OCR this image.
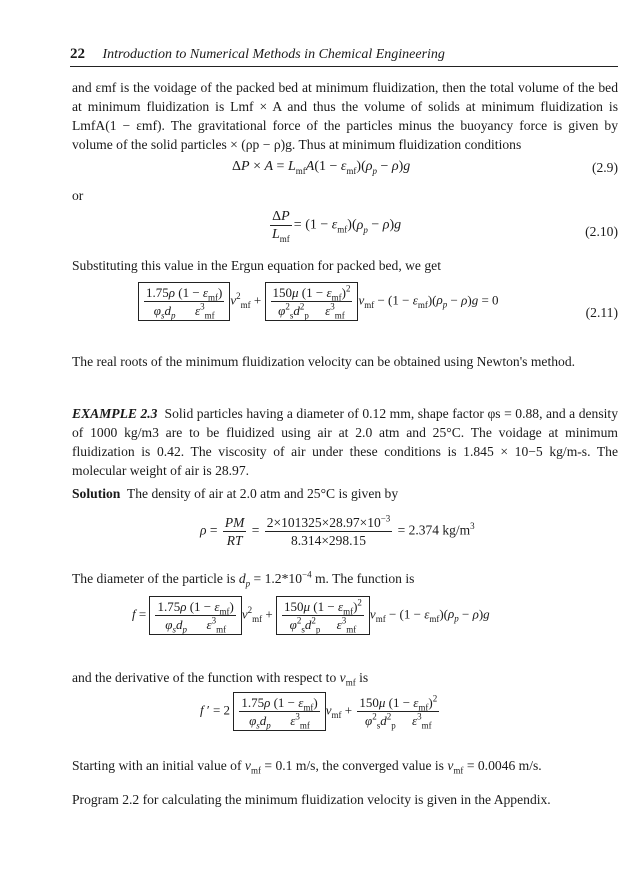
22 Introduction to Numerical Methods in Chemical Engineering
and εmf is the voidage of the packed bed at minimum fluidization, then the total volume of the bed at minimum fluidization is Lmf × A and thus the volume of solids at minimum fluidization is LmfA(1 − εmf). The gravitational force of the particles minus the buoyancy force is given by volume of the solid particles × (ρp − ρ)g. Thus at minimum fluidization conditions
$\Delta P \times A = L_{mf}A(1 - \varepsilon_{mf})(\rho_p - \rho)g$	(2.9)
or
$\frac{\Delta P}{L_{mf}} = (1 - \varepsilon_{mf})(\rho_p - \rho)g$	(2.10)
Substituting this value in the Ergun equation for packed bed, we get
$\frac{1.75\rho (1 - \varepsilon_{mf})}{\varphi_sd_p \varepsilon^3_{mf}} v^2_{mf} + \frac{150\mu (1 - \varepsilon_{mf})^2}{\varphi^2_sd^2_p \varepsilon^3_{mf}} v_{mf} - (1 - \varepsilon_{mf})(\rho_p - \rho)g = 0$
(2.11)
The real roots of the minimum fluidization velocity can be obtained using Newton's method.
EXAMPLE 2.3 Solid particles having a diameter of 0.12 mm, shape factor φs = 0.88, and a density of 1000 kg/m3 are to be fluidized using air at 2.0 atm and 25°C. The voidage at minimum fluidization is 0.42. The viscosity of air under these conditions is 1.845 × 10−5 kg/m-s. The molecular weight of air is 28.97.
Solution The density of air at 2.0 atm and 25°C is given by
$\rho = \frac{PM}{RT} = \frac{2\times 101325\times 28.97\times 10^{-3}}{8.314\times 298.15} = 2.374$ $kg/m^3$
The diameter of the particle is $d_p = 1.2*10^{-4}$ m. The function is
$f = \frac{1.75\rho (1 - \varepsilon_{mf})}{\varphi_sd_p \varepsilon^3_{mf}} v^2_{mf} + \frac{150\mu (1 - \varepsilon_{mf})^2}{\varphi^2_sd^2_p \varepsilon^3_{mf}} v_{mf} - (1 - \varepsilon_{mf})(\rho_p - \rho)g$
and the derivative of the function with respect to $v_{mf}$ is
f ′ = $2 \frac{1.75\rho (1 - \varepsilon_{mf})}{\varphi_sd_p \varepsilon^3_{mf}} v_{mf} + \frac{150\mu (1 - \varepsilon_{mf})^2}{\varphi^2_sd^2_p \varepsilon^3_{mf}}$
Starting with an initial value of $v_{mf} = 0.1$ m/s, the converged value is $v_{mf} = 0.0046$ m/s.
Program 2.2 for calculating the minimum fluidization velocity is given in the Appendix.
